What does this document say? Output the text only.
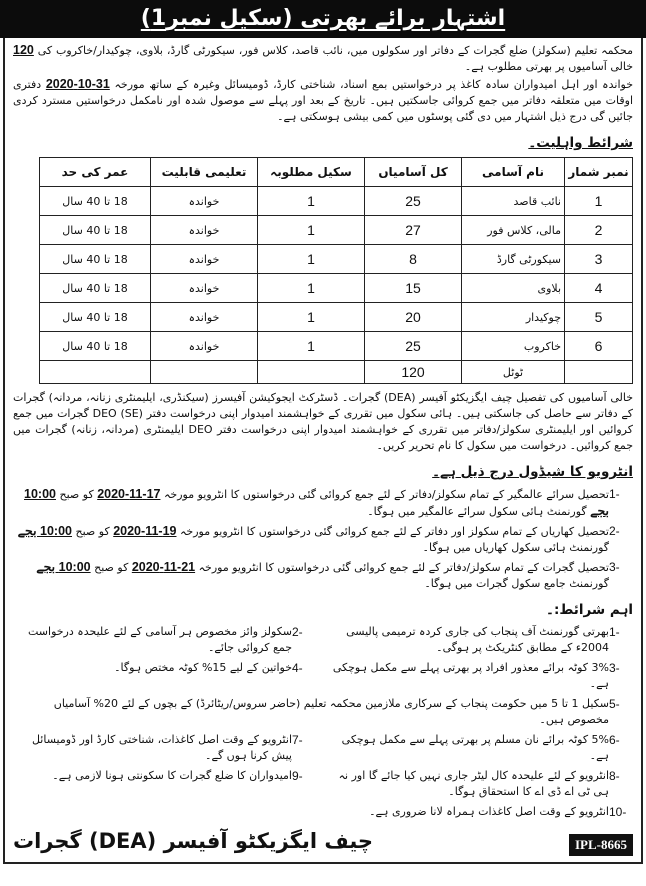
اشتہار برائے بھرتی (سکیل نمبر1)

محکمہ تعلیم (سکولز) ضلع گجرات کے دفاتر اور سکولوں میں، نائب قاصد، کلاس فور، سیکورٹی گارڈ، بلاوی، چوکیدار/خاکروب کی 120 خالی آسامیوں پر بھرتی مطلوب ہے۔

خواندہ اور اہل امیدواران سادہ کاغذ پر درخواستیں بمع اسناد، شناختی کارڈ، ڈومیسائل وغیرہ کے ساتھ مورخہ 31-10-2020 دفتری اوقات میں متعلقہ دفاتر میں جمع کروائی جاسکتیں ہیں۔ تاریخ کے بعد اور پہلے سے موصول شدہ اور نامکمل درخواستیں مسترد کردی جائیں گی درج ذیل اشتہار میں دی گئی پوسٹوں میں کمی بیشی ہوسکتی ہے۔

شرائط واہلیت۔
نمبر شمار	نام آسامی	کل آسامیاں	سکیل مطلوبہ	تعلیمی قابلیت	عمر کی حد
1	نائب قاصد	25	1	خواندہ	18 تا 40 سال
2	مالی، کلاس فور	27	1	خواندہ	18 تا 40 سال
3	سیکورٹی گارڈ	8	1	خواندہ	18 تا 40 سال
4	بلاوی	15	1	خواندہ	18 تا 40 سال
5	چوکیدار	20	1	خواندہ	18 تا 40 سال
6	خاکروب	25	1	خواندہ	18 تا 40 سال
	ٹوٹل	120			

خالی آسامیوں کی تفصیل چیف ایگزیکٹو آفیسر (DEA) گجرات۔ ڈسٹرکٹ ایجوکیشن آفیسرز (سیکنڈری، ایلیمنٹری زنانہ، مردانہ) گجرات کے دفاتر سے حاصل کی جاسکتی ہیں۔ ہائی سکول میں تقرری کے خواہشمند امیدوار اپنی درخواست دفتر DEO (SE) گجرات میں جمع کروائیں اور ایلیمنٹری سکولز/دفاتر میں تقرری کے خواہشمند امیدوار اپنی درخواست دفتر DEO ایلیمنٹری (مردانہ، زنانہ) گجرات میں جمع کروائیں۔ درخواست میں سکول کا نام تحریر کریں۔

انٹرویو کا شیڈول درج ذیل ہے۔
1-
تحصیل سرائے عالمگیر کے تمام سکولز/دفاتر کے لئے جمع کروائی گئی درخواستوں کا انٹرویو مورخہ 17-11-2020 کو صبح 10:00 بجے گورنمنٹ ہائی سکول سرائے عالمگیر میں ہوگا۔
2-
تحصیل کھاریاں کے تمام سکولز اور دفاتر کے لئے جمع کروائی گئی درخواستوں کا انٹرویو مورخہ 19-11-2020 کو صبح 10:00 بجے گورنمنٹ ہائی سکول کھاریاں میں ہوگا۔
3-
تحصیل گجرات کے تمام سکولز/دفاتر کے لئے جمع کروائی گئی درخواستوں کا انٹرویو مورخہ 21-11-2020 کو صبح 10:00 بجے گورنمنٹ جامع سکول گجرات میں ہوگا۔
اہم شرائط:۔
1-
بھرتی گورنمنٹ آف پنجاب کی جاری کردہ ترمیمی پالیسی 2004ء کے مطابق کنٹریکٹ پر ہوگی۔
2-
سکولز وائز مخصوص ہر آسامی کے لئے علیحدہ درخواست جمع کروائی جائے۔
3-
3% کوٹہ برائے معذور افراد پر بھرتی پہلے سے مکمل ہوچکی ہے۔
4-
خواتین کے لیے 15% کوٹہ مختص ہوگا۔
5-
سکیل 1 تا 5 میں حکومت پنجاب کے سرکاری ملازمین محکمہ تعلیم (حاضر سروس/ریٹائرڈ) کے بچوں کے لئے 20% آسامیاں مخصوص ہیں۔
6-
5% کوٹہ برائے نان مسلم پر بھرتی پہلے سے مکمل ہوچکی ہے۔
7-
انٹرویو کے وقت اصل کاغذات، شناختی کارڈ اور ڈومیسائل پیش کرنا ہوں گے۔
8-
انٹرویو کے لئے علیحدہ کال لیٹر جاری نہیں کیا جائے گا اور نہ ہی ٹی اے ڈی اے کا استحقاق ہوگا۔
9-
امیدواران کا ضلع گجرات کا سکونتی ہونا لازمی ہے۔
10-
انٹرویو کے وقت اصل کاغذات ہمراہ لانا ضروری ہے۔
چیف ایگزیکٹو آفیسر (DEA) گجرات	IPL-8665
